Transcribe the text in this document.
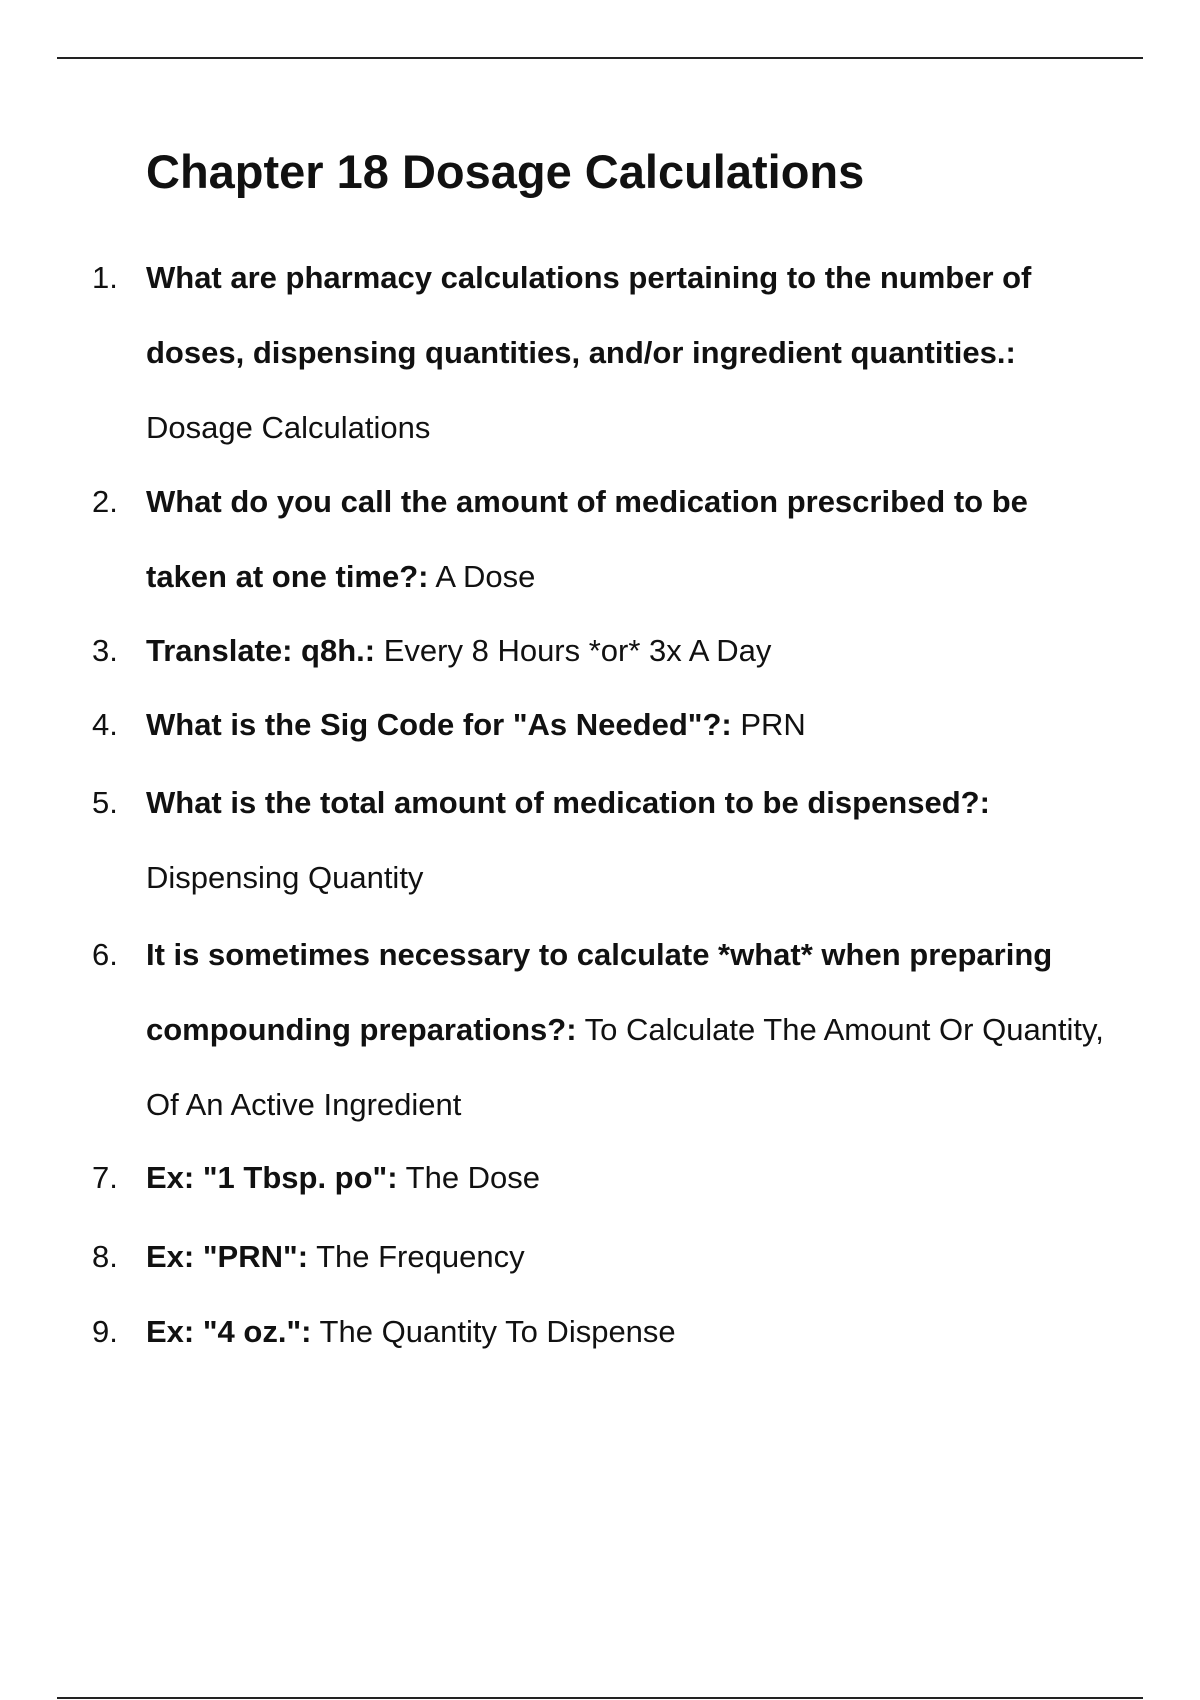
Chapter 18 Dosage Calculations
1. What are pharmacy calculations pertaining to the number of doses, dispensing quantities, and/or ingredient quantities.: Dosage Calculations
2. What do you call the amount of medication prescribed to be taken at one time?: A Dose
3. Translate: q8h.: Every 8 Hours *or* 3x A Day
4. What is the Sig Code for "As Needed"?: PRN
5. What is the total amount of medication to be dispensed?: Dispensing Quantity
6. It is sometimes necessary to calculate *what* when preparing compounding preparations?: To Calculate The Amount Or Quantity, Of An Active Ingredient
7. Ex: "1 Tbsp. po": The Dose
8. Ex: "PRN": The Frequency
9. Ex: "4 oz.": The Quantity To Dispense
